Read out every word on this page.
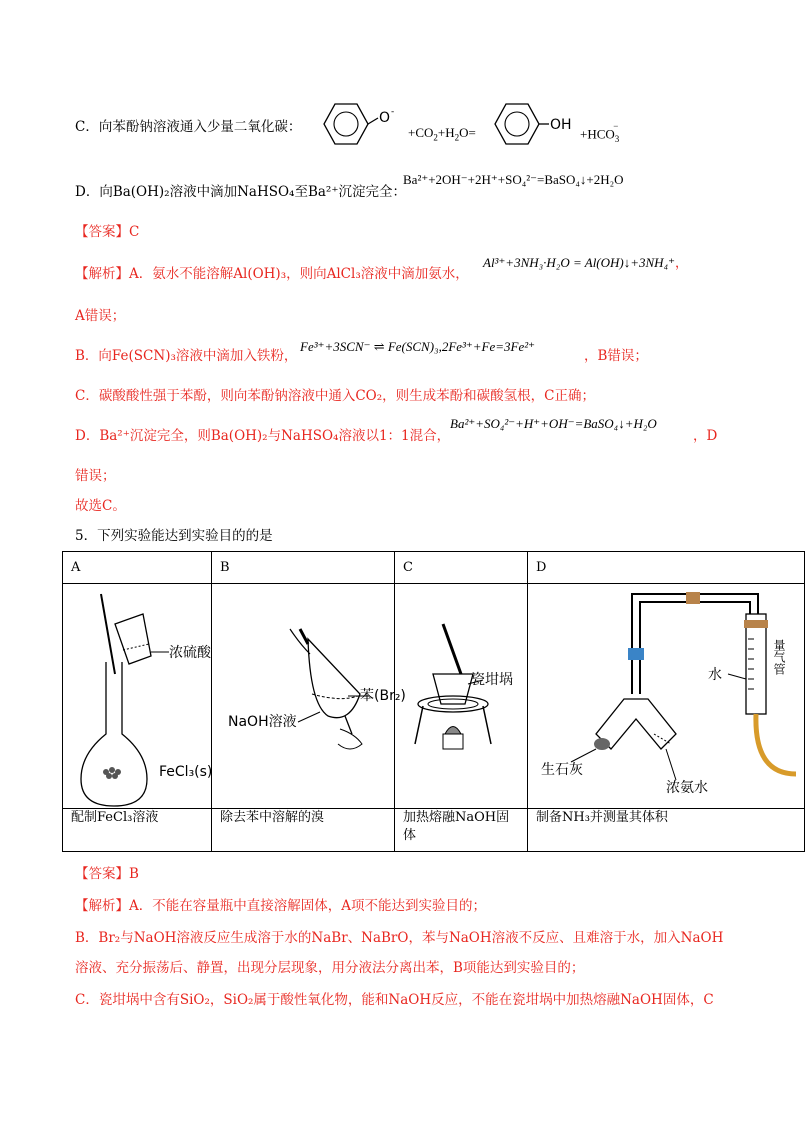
C．向苯酚钠溶液通入少量二氧化碳：
O -
$+CO_2+H_2O=$	OH
$+HCO_3^-$
D．向Ba(OH)₂溶液中滴加NaHSO₄至Ba²⁺沉淀完全：
Ba²⁺+2OH⁻+2H⁺+SO₄²⁻=BaSO₄↓+2H₂O
【答案】C
【解析】A．氨水不能溶解Al(OH)₃，则向AlCl₃溶液中滴加氨水，
Al³⁺+3NH₃·H₂O = Al(OH)↓+3NH₄⁺，
A错误；
B．向Fe(SCN)₃溶液中滴加入铁粉，
Fe³⁺+3SCN⁻ ⇌ Fe(SCN)₃,2Fe³⁺+Fe=3Fe²⁺
，B错误；
C．碳酸酸性强于苯酚，则向苯酚钠溶液中通入CO₂，则生成苯酚和碳酸氢根，C正确；
D．Ba²⁺沉淀完全，则Ba(OH)₂与NaHSO₄溶液以1：1混合，
Ba²⁺+SO₄²⁻+H⁺+OH⁻=BaSO₄↓+H₂O
，D
错误；
故选C。
5．下列实验能达到实验目的的是
A	B	C	D

浓硫酸
FeCl₃(s)	苯(Br₂)
NaOH溶液	瓷坩埚	水 量气管
生石灰
浓氨水

配制FeCl₃溶液	除去苯中溶解的溴	加热熔融NaOH固体	制备NH₃并测量其体积
【答案】B
【解析】A．不能在容量瓶中直接溶解固体，A项不能达到实验目的；
B．Br₂与NaOH溶液反应生成溶于水的NaBr、NaBrO，苯与NaOH溶液不反应、且难溶于水，加入NaOH
溶液、充分振荡后、静置，出现分层现象，用分液法分离出苯，B项能达到实验目的；
C．瓷坩埚中含有SiO₂，SiO₂属于酸性氧化物，能和NaOH反应，不能在瓷坩埚中加热熔融NaOH固体，C
